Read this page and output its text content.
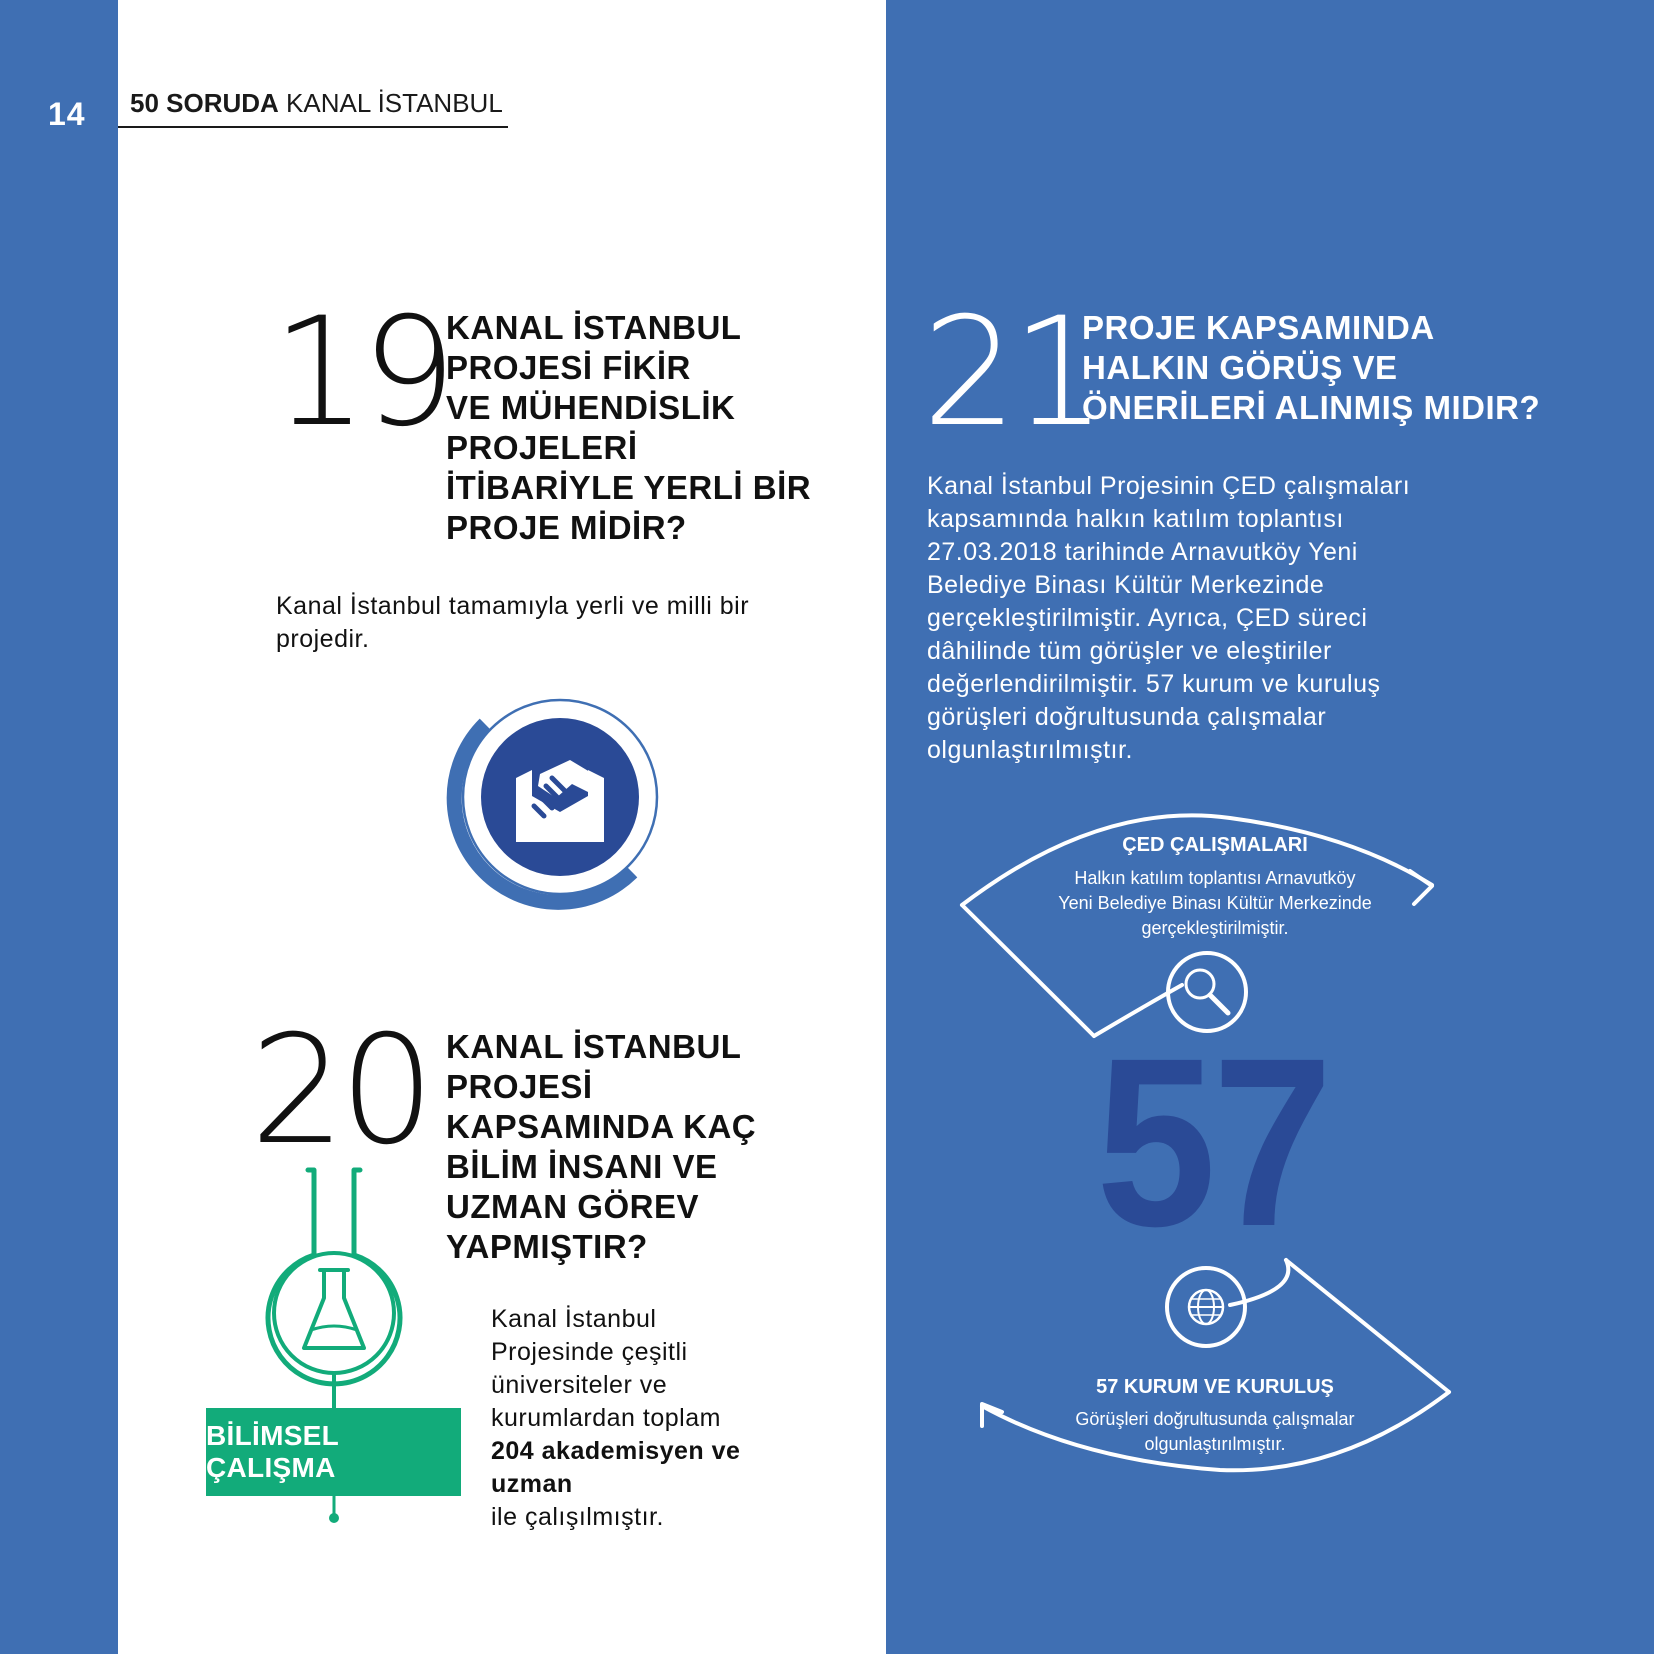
14 50 SORUDA KANAL İSTANBUL
19
KANAL İSTANBUL
PROJESİ FİKİR
VE MÜHENDİSLİK
PROJELERİ
İTİBARİYLE YERLİ BİR
PROJE MİDİR?

Kanal İstanbul tamamıyla yerli ve milli bir
projedir.

20 KANAL İSTANBUL
PROJESİ
KAPSAMINDA KAÇ
BİLİM İNSANI VE
UZMAN GÖREV
YAPMIŞTIR?

Kanal İstanbul
Projesinde çeşitli
üniversiteler ve
kurumlardan toplam
204 akademisyen ve
uzman
ile çalışılmıştır.

BİLİMSEL ÇALIŞMA
21
PROJE KAPSAMINDA
HALKIN GÖRÜŞ VE
ÖNERİLERİ ALINMIŞ MIDIR?

Kanal İstanbul Projesinin ÇED çalışmaları
kapsamında halkın katılım toplantısı
27.03.2018 tarihinde Arnavutköy Yeni
Belediye Binası Kültür Merkezinde
gerçekleştirilmiştir. Ayrıca, ÇED süreci
dâhilinde tüm görüşler ve eleştiriler
değerlendirilmiştir. 57 kurum ve kuruluş
görüşleri doğrultusunda çalışmalar
olgunlaştırılmıştır.

ÇED ÇALIŞMALARI
Halkın katılım toplantısı Arnavutköy
Yeni Belediye Binası Kültür Merkezinde
gerçekleştirilmiştir.
57
57 KURUM VE KURULUŞ
Görüşleri doğrultusunda çalışmalar
olgunlaştırılmıştır.
